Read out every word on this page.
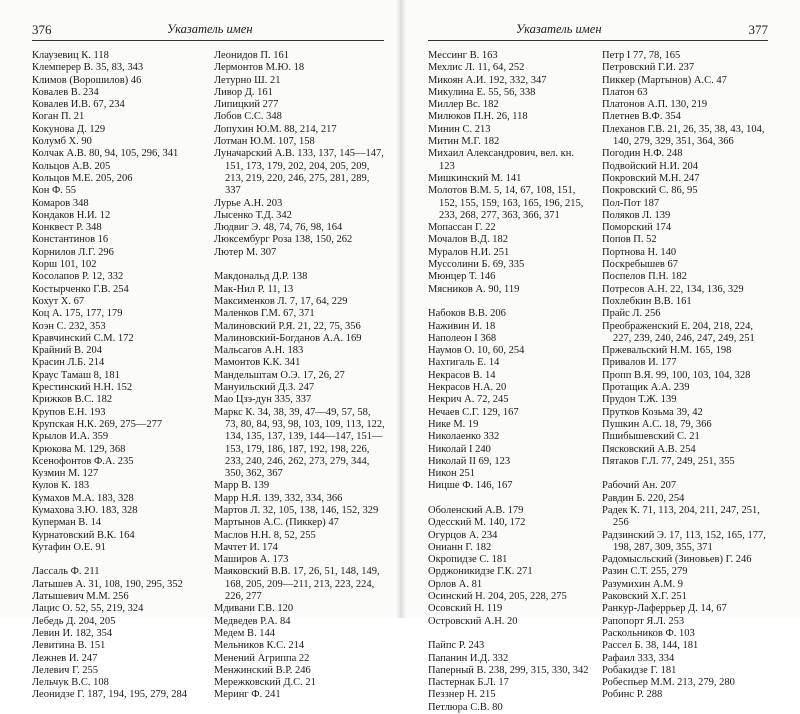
376	Указатель имен	Указатель имен	377
Клаузевиц К. 118
Клемперер В. 35, 83, 343
Климов (Ворошилов) 46
Ковалев В. 234
Ковалев И.В. 67, 234
Коган П. 21
Кокунова Д. 129
Колумб X. 90
Колчак А.В. 80, 94, 105, 296, 341
Кольцов А.В. 205
Кольцов М.Е. 205, 206
Кон Ф. 55
Комаров 348
Кондаков Н.И. 12
Конквест Р. 348
Константинов 16
Корнилов Л.Г. 296
Корш 101, 102
Косолапов Р. 12, 332
Костырченко Г.В. 254
Кохут X. 67
Коц А. 175, 177, 179
Коэн С. 232, 353
Кравчинский С.М. 172
Крайний В. 204
Красин Л.Б. 214
Краус Тамаш 8, 181
Крестинский Н.Н. 152
Крижков В.С. 182
Крупов Е.Н. 193
Крупская Н.К. 269, 275—277
Крылов И.А. 359
Крюкова М. 129, 368
Ксенофонтов Ф.А. 235
Кузмин М. 127
Кулов К. 183
Кумахов М.А. 183, 328
Кумахова З.Ю. 183, 328
Куперман В. 14
Курнатовский В.К. 164
Кутафин О.Е. 91
Лассаль Ф. 211
Латышев А. 31, 108, 190, 295, 352
Латышевич М.М. 256
Лацис О. 52, 55, 219, 324
Лебедь Д. 204, 205
Левин И. 182, 354
Левитина В. 151
Лежнев И. 247
Лелевич Г. 255
Лельчук В.С. 108
Леонидзе Г. 187, 194, 195, 279, 284
Леонидов П. 161
Лермонтов М.Ю. 18
Летурно Ш. 21
Ливор Д. 161
Липицкий 277
Лобов С.С. 348
Лопухин Ю.М. 88, 214, 217
Лотман Ю.М. 107, 158
Луначарский А.В. 133, 137, 145—147, 151, 173, 179, 202, 204, 205, 209, 213, 219, 220, 246, 275, 281, 289, 337
Лурье А.Н. 203
Лысенко Т.Д. 342
Людвиг Э. 48, 74, 76, 98, 164
Люксембург Роза 138, 150, 262
Лютер М. 307
Макдональд Д.Р. 138
Мак-Нил Р. 11, 13
Максименков Л. 7, 17, 64, 229
Маленков Г.М. 67, 371
Малиновский Р.Я. 21, 22, 75, 356
Малиновский-Богданов А.А. 169
Мальсагов А.Н. 183
Мамонтов К.К. 341
Мандельштам О.Э. 17, 26, 27
Мануильский Д.З. 247
Мао Цзэ-дун 335, 337
Маркс К. 34, 38, 39, 47—49, 57, 58, 73, 80, 84, 93, 98, 103, 109, 113, 122, 134, 135, 137, 139, 144—147, 151—153, 179, 186, 187, 192, 198, 226, 233, 240, 246, 262, 273, 279, 344, 350, 362, 367
Марр В. 139
Марр Н.Я. 139, 332, 334, 366
Мартов Л. 32, 105, 138, 146, 152, 329
Мартынов А.С. (Пиккер) 47
Маслов Н.Н. 8, 52, 255
Мачтет И. 174
Маширов А. 173
Маяковский В.В. 17, 26, 51, 148, 149, 168, 205, 209—211, 213, 223, 224, 226, 277
Мдивани Г.В. 120
Медведев Р.А. 84
Медем В. 144
Мельников К.С. 214
Менений Агриппа 22
Менжинский В.Р. 246
Мережковский Д.С. 21
Меринг Ф. 241
Мессинг В. 163
Мехлис Л. 11, 64, 252
Микоян А.И. 192, 332, 347
Микулина Е. 55, 56, 338
Миллер Вс. 182
Милюков П.Н. 26, 118
Минин С. 213
Митин М.Г. 182
Михаил Александрович, вел. кн. 123
Мишкинский М. 141
Молотов В.М. 5, 14, 67, 108, 151, 152, 155, 159, 163, 165, 196, 215, 233, 268, 277, 363, 366, 371
Мопассан Г. 22
Мочалов В.Д. 182
Муралов Н.И. 251
Муссолини Б. 69, 335
Мюнцер Т. 146
Мясников А. 90, 119
Набоков В.В. 206
Наживин И. 18
Наполеон I 368
Наумов О. 10, 60, 254
Нахтигаль Е. 14
Некрасов В. 14
Некрасов Н.А. 20
Некрич А. 72, 245
Нечаев С.Г. 129, 167
Нике М. 19
Николаенко 332
Николай I 240
Николай II 69, 123
Никон 251
Ницше Ф. 146, 167
Оболенский А.В. 179
Одесский М. 140, 172
Огурцов А. 234
Онианн Г. 182
Окропидзе С. 181
Орджоникидзе Г.К. 271
Орлов А. 81
Осинский Н. 204, 205, 228, 275
Осовский Н. 119
Островский А.Н. 20
Пайпс Р. 243
Папанин И.Д. 332
Паперный В. 238, 299, 315, 330, 342
Пастернак Б.Л. 17
Пеззнер Н. 215
Петлюра С.В. 80
Петр I 77, 78, 165
Петровский Г.И. 237
Пиккер (Мартынов) А.С. 47
Платон 63
Платонов А.П. 130, 219
Плетнев В.Ф. 354
Плеханов Г.В. 21, 26, 35, 38, 43, 104, 140, 279, 329, 351, 364, 366
Погодин Н.Ф. 248
Подвойский Н.И. 204
Покровский М.Н. 247
Покровский С. 86, 95
Пол-Пот 187
Поляков Л. 139
Поморский 174
Попов П. 52
Портнова Н. 140
Поскребышев 67
Поспелов П.Н. 182
Потресов А.Н. 22, 134, 136, 329
Похлебкин В.В. 161
Прайс Л. 256
Преображенский Е. 204, 218, 224, 227, 239, 240, 246, 247, 249, 251
Пржевальский Н.М. 165, 198
Привалов И. 177
Пропп В.Я. 99, 100, 103, 104, 328
Протащик А.А. 239
Прудон Т.Ж. 139
Прутков Козьма 39, 42
Пушкин А.С. 18, 79, 366
Пшибышевский С. 21
Пясковский А.В. 254
Пятаков Г.Л. 77, 249, 251, 355
Рабочий Ан. 207
Равдин Б. 220, 254
Радек К. 71, 113, 204, 211, 247, 251, 256
Радзинский Э. 17, 113, 152, 165, 177, 198, 287, 309, 355, 371
Радомысльский (Зиновьев) Г. 246
Разин С.Т. 255, 279
Разумихин А.М. 9
Раковский Х.Г. 251
Ранкур-Лаферрьер Д. 14, 67
Рапопорт Я.Л. 253
Раскольников Ф. 103
Рассел Б. 38, 144, 181
Рафаил 333, 334
Робакидзе Г. 181
Робеспьер М.М. 213, 279, 280
Робинс Р. 288
